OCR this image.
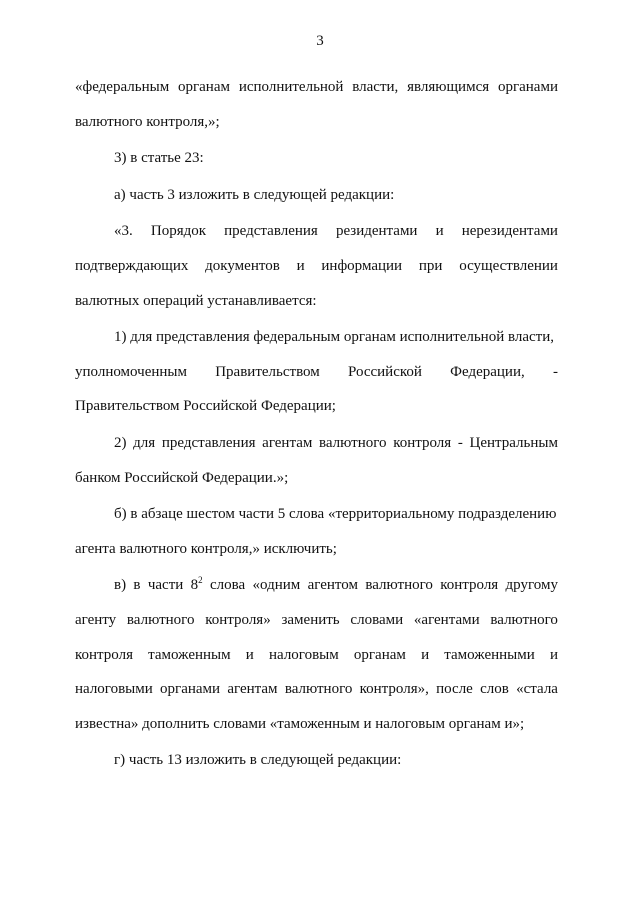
3

«федеральным органам исполнительной власти, являющимся органами
валютного контроля,»;

3) в статье 23:

а) часть 3 изложить в следующей редакции:

«3. Порядок представления резидентами и нерезидентами
подтверждающих документов и информации при осуществлении
валютных операций устанавливается:

1) для представления федеральным органам исполнительной власти,
уполномоченным Правительством Российской Федерации, -
Правительством Российской Федерации;

2) для представления агентам валютного контроля - Центральным
банком Российской Федерации.»;

б) в абзаце шестом части 5 слова «территориальному подразделению
агента валютного контроля,» исключить;

в) в части $8^2$ слова «одним агентом валютного контроля другому
агенту валютного контроля» заменить словами «агентами валютного
контроля таможенным и налоговым органам и таможенными и
налоговыми органами агентам валютного контроля», после слов «стала
известна» дополнить словами «таможенным и налоговым органам и»;

г) часть 13 изложить в следующей редакции:
